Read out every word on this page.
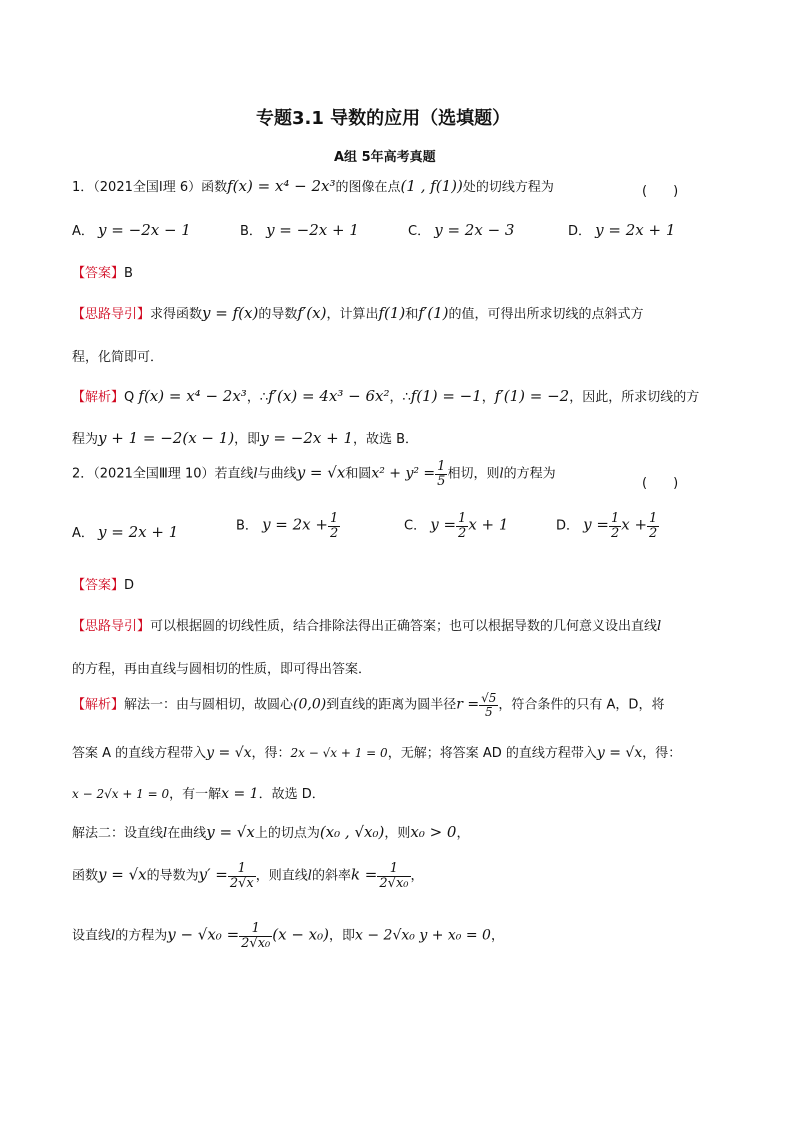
专题3.1 导数的应用（选填题）
A组 5年高考真题
1．（2021全国Ⅰ理 6）函数f(x) = x⁴ − 2x³的图像在点(1 , f(1))处的切线方程为	(　　)
A． y = −2x − 1	B． y = −2x + 1	C． y = 2x − 3	D． y = 2x + 1
【答案】B
【思路导引】求得函数y = f(x)的导数f′(x)，计算出f(1)和f′(1)的值，可得出所求切线的点斜式方
程，化简即可．
【解析】Q f(x) = x⁴ − 2x³，∴f′(x) = 4x³ − 6x²，∴f(1) = −1，f′(1) = −2，因此，所求切线的方
程为y + 1 = −2(x − 1)，即y = −2x + 1，故选 B．
2．（2021全国Ⅲ理 10）若直线l与曲线y = √x和圆$x^2 + y^2 = \frac{1}{5}$ 相切，则l的方程为
(　　)
A． y = 2x + 1	B． $y = 2x + \frac{1}{2}$	C． $y = \frac{1}{2}$ x + 1	D． $y = \frac{1}{2}$ $x + \frac{1}{2}$
【答案】D
【思路导引】可以根据圆的切线性质，结合排除法得出正确答案；也可以根据导数的几何意义设出直线l
的方程，再由直线与圆相切的性质，即可得出答案．
【解析】解法一：由与圆相切，故圆心(0,0)到直线的距离为圆半径$r = \frac{√5}{5}$ ，符合条件的只有 A，D，将
答案 A 的直线方程带入y = √x，得：2x − √x + 1 = 0，无解；将答案 AD 的直线方程带入y = √x，得：
x − 2√x + 1 = 0，有一解x = 1．故选 D．
解法二：设直线l在曲线y = √x上的切点为(x₀ , √x₀)，则x₀ > 0，
函数y = √x的导数为$y' = \frac{1}{2√x}$ ，则直线l的斜率$k = \frac{1}{\text{2√x₀}}$ ，
设直线l的方程为$y - √x_0 = \frac{1}{\text{2√x₀}} (x - x_0)$，即x − 2√x₀ y + x₀ = 0，
